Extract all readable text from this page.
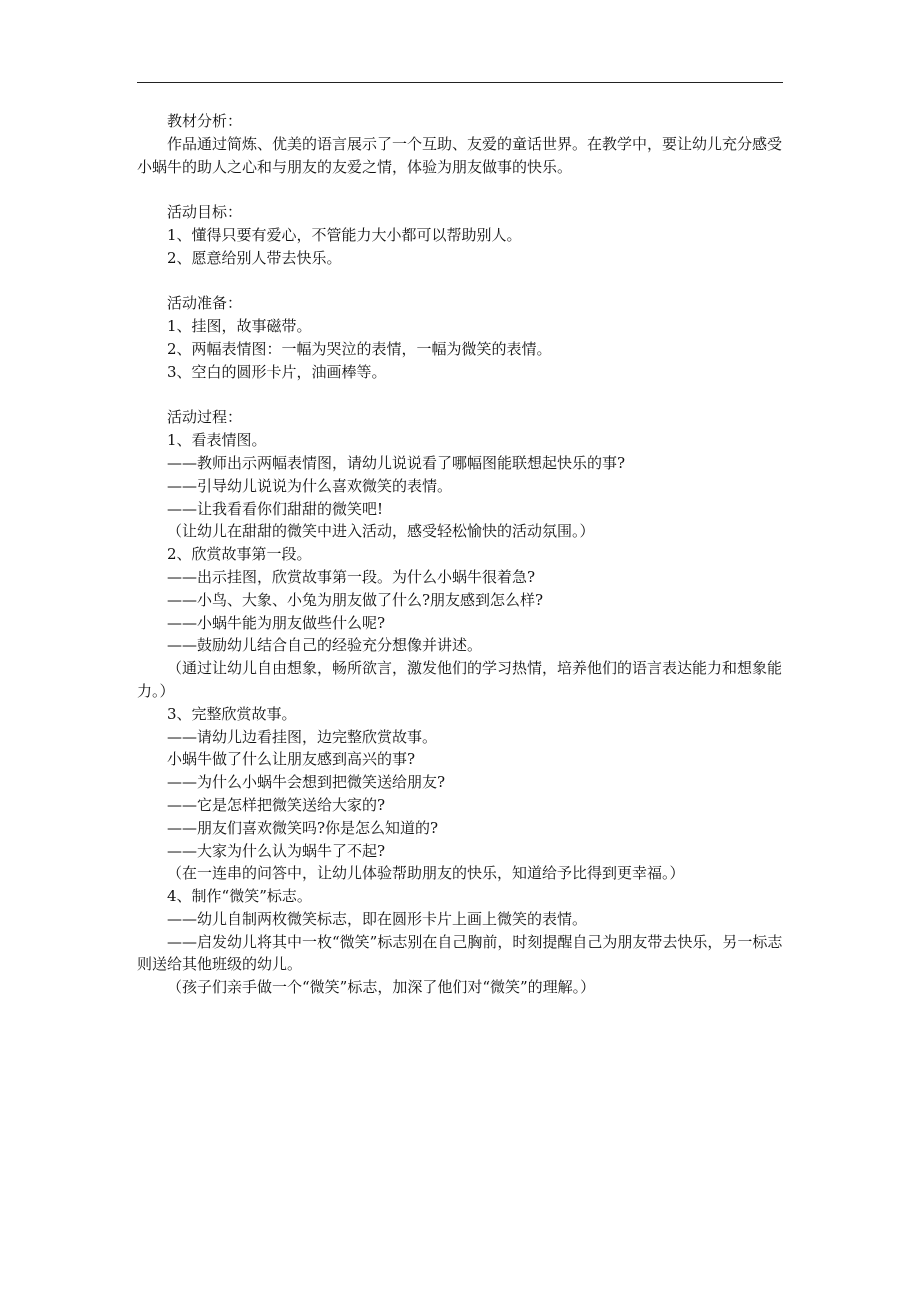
教材分析：

作品通过简炼、优美的语言展示了一个互助、友爱的童话世界。在教学中，要让幼儿充分感受小蜗牛的助人之心和与朋友的友爱之情，体验为朋友做事的快乐。

活动目标：

1、懂得只要有爱心，不管能力大小都可以帮助别人。

2、愿意给别人带去快乐。

活动准备：

1、挂图，故事磁带。

2、两幅表情图：一幅为哭泣的表情，一幅为微笑的表情。

3、空白的圆形卡片，油画棒等。

活动过程：

1、看表情图。

——教师出示两幅表情图，请幼儿说说看了哪幅图能联想起快乐的事?

——引导幼儿说说为什么喜欢微笑的表情。

——让我看看你们甜甜的微笑吧!

（让幼儿在甜甜的微笑中进入活动，感受轻松愉快的活动氛围。）

2、欣赏故事第一段。

——出示挂图，欣赏故事第一段。为什么小蜗牛很着急?

——小鸟、大象、小兔为朋友做了什么?朋友感到怎么样?

——小蜗牛能为朋友做些什么呢?

——鼓励幼儿结合自己的经验充分想像并讲述。

（通过让幼儿自由想象，畅所欲言，激发他们的学习热情，培养他们的语言表达能力和想象能力。）

3、完整欣赏故事。

——请幼儿边看挂图，边完整欣赏故事。

小蜗牛做了什么让朋友感到高兴的事?

——为什么小蜗牛会想到把微笑送给朋友?

——它是怎样把微笑送给大家的?

——朋友们喜欢微笑吗?你是怎么知道的?

——大家为什么认为蜗牛了不起?

（在一连串的问答中，让幼儿体验帮助朋友的快乐，知道给予比得到更幸福。）

4、制作“微笑”标志。

——幼儿自制两枚微笑标志，即在圆形卡片上画上微笑的表情。

——启发幼儿将其中一枚“微笑”标志别在自己胸前，时刻提醒自己为朋友带去快乐，另一标志则送给其他班级的幼儿。

（孩子们亲手做一个“微笑”标志，加深了他们对“微笑”的理解。）
